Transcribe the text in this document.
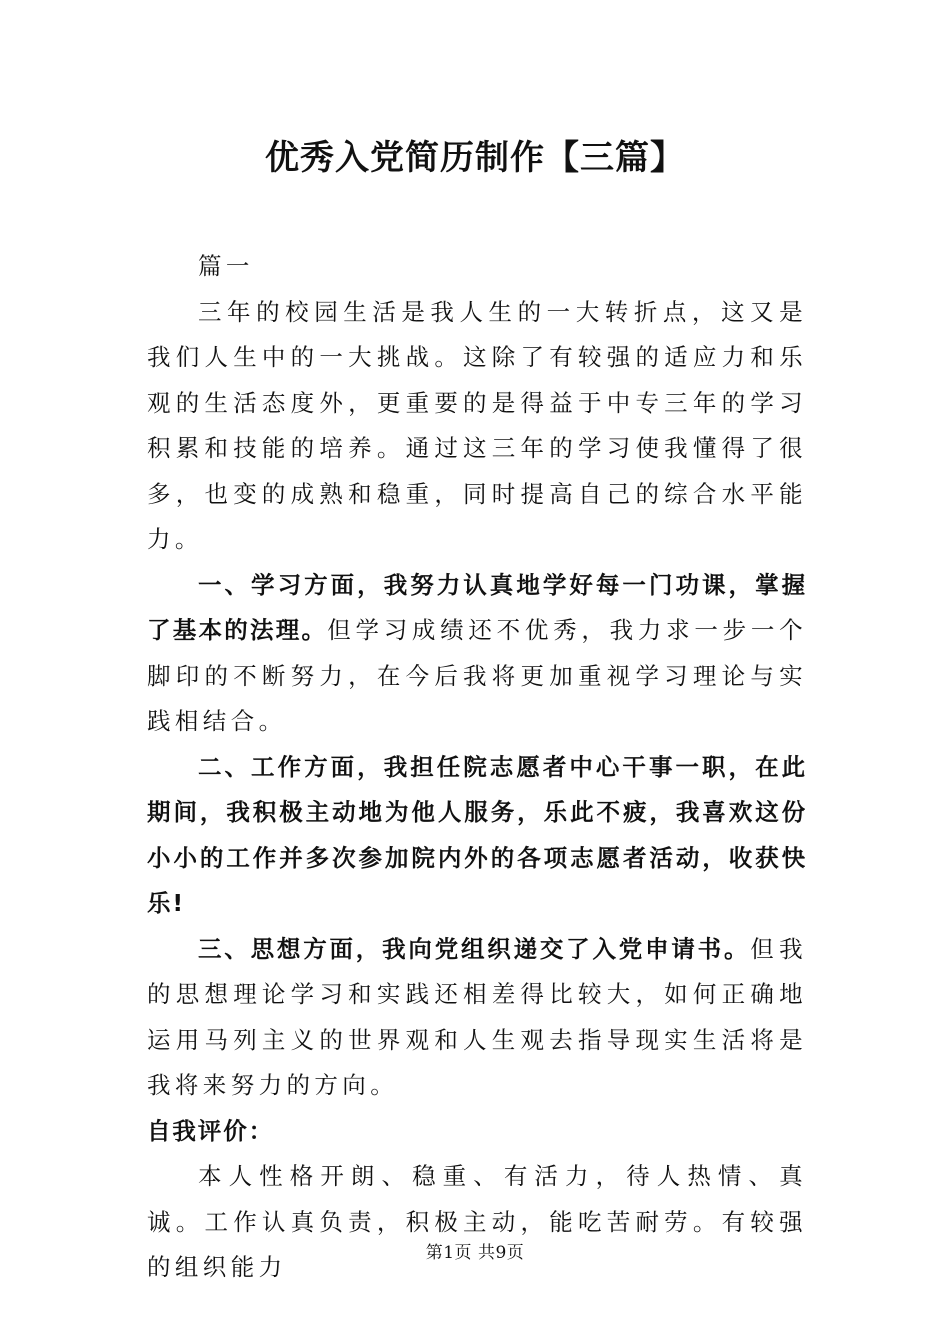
优秀入党简历制作【三篇】

篇一

三年的校园生活是我人生的一大转折点，这又是我们人生中的一大挑战。这除了有较强的适应力和乐观的生活态度外，更重要的是得益于中专三年的学习积累和技能的培养。通过这三年的学习使我懂得了很多，也变的成熟和稳重，同时提高自己的综合水平能力。

一、学习方面，我努力认真地学好每一门功课，掌握了基本的法理。但学习成绩还不优秀，我力求一步一个脚印的不断努力，在今后我将更加重视学习理论与实践相结合。

二、工作方面，我担任院志愿者中心干事一职，在此期间，我积极主动地为他人服务，乐此不疲，我喜欢这份小小的工作并多次参加院内外的各项志愿者活动，收获快乐!

三、思想方面，我向党组织递交了入党申请书。但我的思想理论学习和实践还相差得比较大，如何正确地运用马列主义的世界观和人生观去指导现实生活将是我将来努力的方向。

自我评价：

本人性格开朗、稳重、有活力，待人热情、真诚。工作认真负责，积极主动，能吃苦耐劳。有较强的组织能力	第1页 共9页
